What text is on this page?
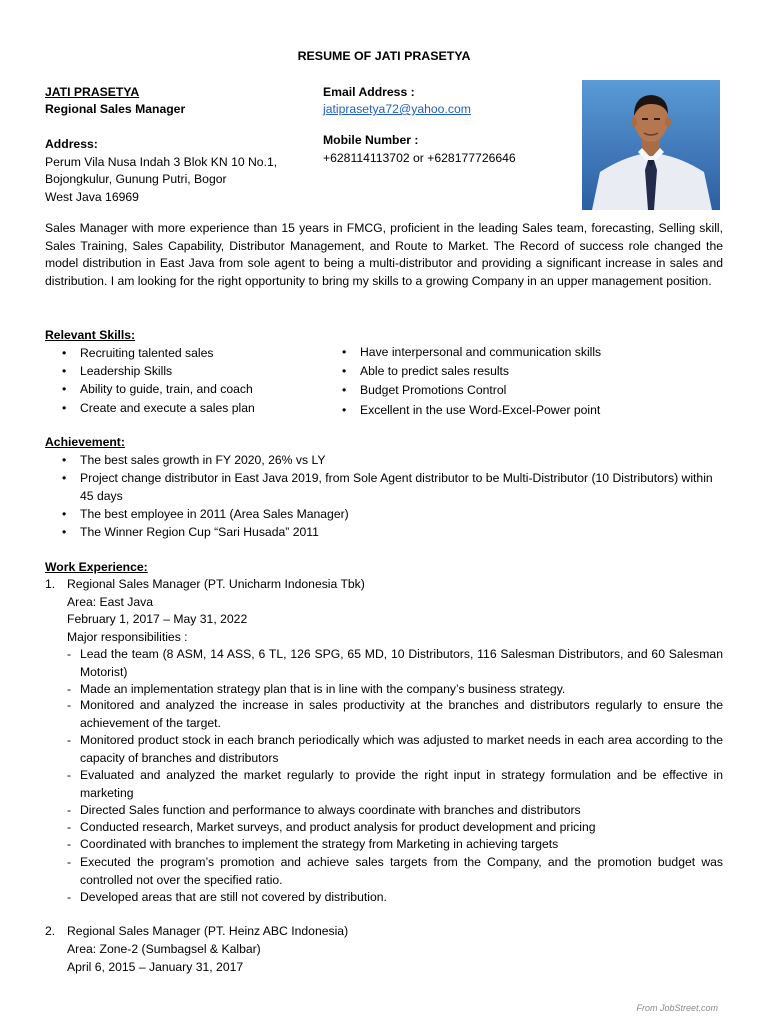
RESUME OF JATI PRASETYA
JATI PRASETYA
Regional Sales Manager
Address:
Perum Vila Nusa Indah 3 Blok KN 10 No.1,
Bojongkulur, Gunung Putri, Bogor
West Java 16969
Email Address :
jatiprasetya72@yahoo.com
Mobile Number :
+628114113702 or +628177726646
Sales Manager with more experience than 15 years in FMCG, proficient in the leading Sales team, forecasting, Selling skill, Sales Training, Sales Capability, Distributor Management, and Route to Market. The Record of success role changed the model distribution in East Java from sole agent to being a multi-distributor and providing a significant increase in sales and distribution. I am looking for the right opportunity to bring my skills to a growing Company in an upper management position.
Relevant Skills:
• Recruiting talented sales
• Leadership Skills
• Ability to guide, train, and coach
• Create and execute a sales plan
• Have interpersonal and communication skills
• Able to predict sales results
• Budget Promotions Control
• Excellent in the use Word-Excel-Power point
Achievement:
• The best sales growth in FY 2020, 26% vs LY
• Project change distributor in East Java 2019, from Sole Agent distributor to be Multi-Distributor (10 Distributors) within 45 days
• The best employee in 2011 (Area Sales Manager)
• The Winner Region Cup “Sari Husada” 2011
Work Experience:
1. Regional Sales Manager (PT. Unicharm Indonesia Tbk)
Area: East Java
February 1, 2017 – May 31, 2022
Major responsibilities :
- Lead the team (8 ASM, 14 ASS, 6 TL, 126 SPG, 65 MD, 10 Distributors, 116 Salesman Distributors, and 60 Salesman Motorist)
- Made an implementation strategy plan that is in line with the company’s business strategy.
- Monitored and analyzed the increase in sales productivity at the branches and distributors regularly to ensure the achievement of the target.
- Monitored product stock in each branch periodically which was adjusted to market needs in each area according to the capacity of branches and distributors
- Evaluated and analyzed the market regularly to provide the right input in strategy formulation and be effective in marketing
- Directed Sales function and performance to always coordinate with branches and distributors
- Conducted research, Market surveys, and product analysis for product development and pricing
- Coordinated with branches to implement the strategy from Marketing in achieving targets
- Executed the program’s promotion and achieve sales targets from the Company, and the promotion budget was controlled not over the specified ratio.
- Developed areas that are still not covered by distribution.
2. Regional Sales Manager (PT. Heinz ABC Indonesia)
Area: Zone-2 (Sumbagsel & Kalbar)
April 6, 2015 – January 31, 2017
From JobStreet.com
